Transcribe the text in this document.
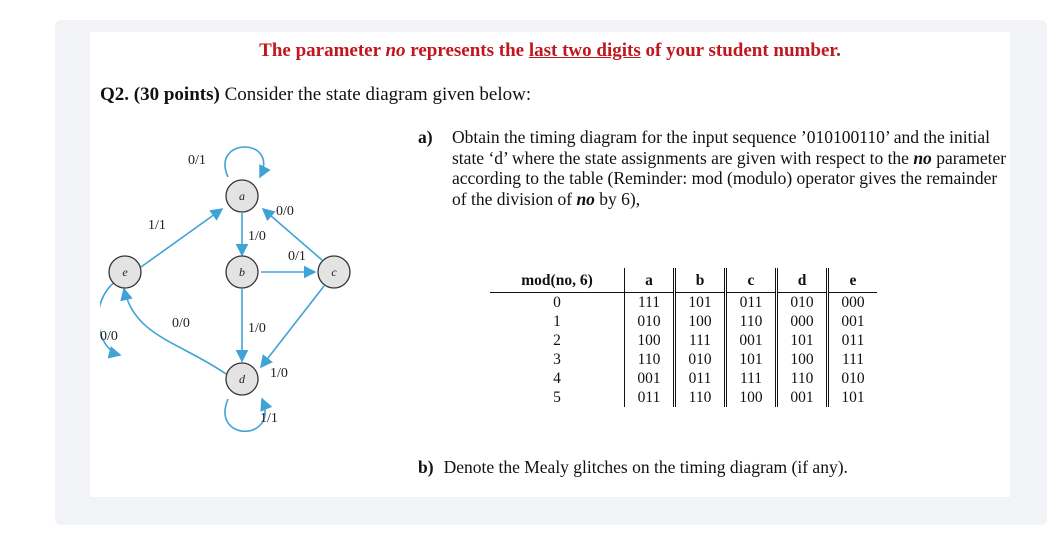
The parameter no represents the last two digits of your student number.
Q2. (30 points) Consider the state diagram given below:
a
b	c
d
e
0/1
1/1
1/0
0/0
0/1
0/0	1/0
1/0
0/0
1/1
a) Obtain the timing diagram for the input sequence ’010100110’ and the initial state ‘d’ where the state assignments are given with respect to the no parameter according to the table (Reminder: mod (modulo) operator gives the remainder of the division of no by 6),
mod(no, 6)	a	b	c	d	e
0	111	101	011	010	000
1	010	100	110	000	001
2	100	111	001	101	011
3	110	010	101	100	111
4	001	011	111	110	010
5	011	110	100	001	101
b) Denote the Mealy glitches on the timing diagram (if any).
